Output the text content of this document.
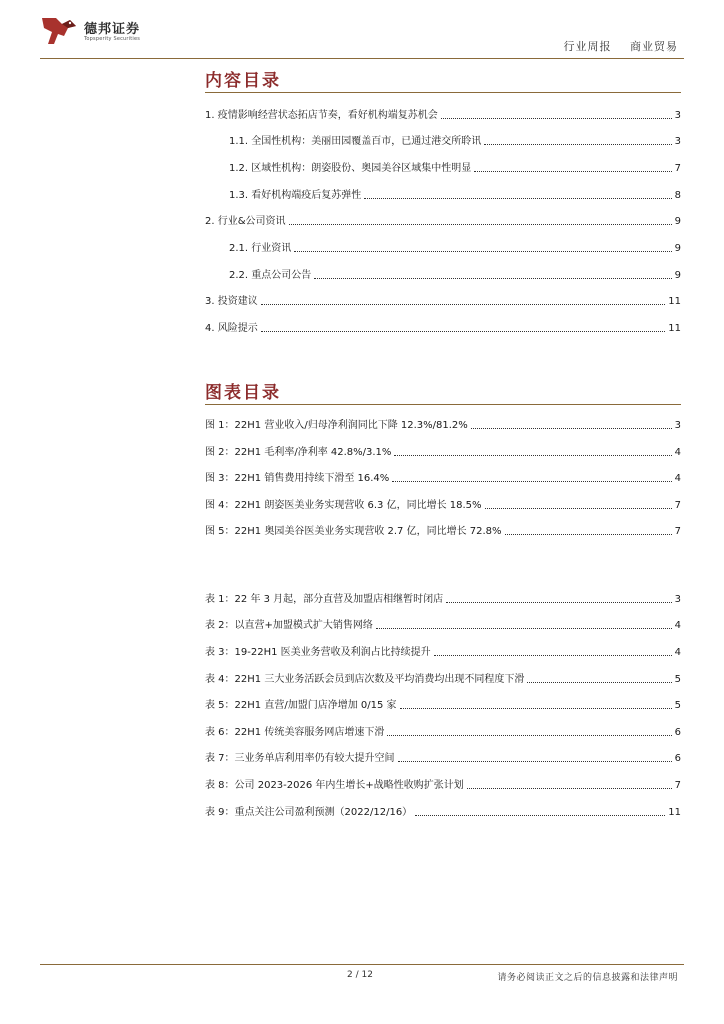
德邦证券
Topsperity Securities
行业周报 商业贸易
内容目录
1. 疫情影响经营状态拓店节奏，看好机构端复苏机会	3
1.1. 全国性机构：美丽田园覆盖百市，已通过港交所聆讯	3
1.2. 区域性机构：朗姿股份、奥园美谷区域集中性明显	7
1.3. 看好机构端疫后复苏弹性	8
2. 行业&公司资讯	9
2.1. 行业资讯	9
2.2. 重点公司公告	9
3. 投资建议	11
4. 风险提示	11
图表目录
图 1：22H1 营业收入/归母净利润同比下降 12.3%/81.2%	3
图 2：22H1 毛利率/净利率 42.8%/3.1%	4
图 3：22H1 销售费用持续下滑至 16.4%	4
图 4：22H1 朗姿医美业务实现营收 6.3 亿，同比增长 18.5%	7
图 5：22H1 奥园美谷医美业务实现营收 2.7 亿，同比增长 72.8%	7
表 1：22 年 3 月起，部分直营及加盟店相继暂时闭店	3
表 2：以直营+加盟模式扩大销售网络	4
表 3：19-22H1 医美业务营收及利润占比持续提升	4
表 4：22H1 三大业务活跃会员到店次数及平均消费均出现不同程度下滑	5
表 5：22H1 直营/加盟门店净增加 0/15 家	5
表 6：22H1 传统美容服务网店增速下滑	6
表 7：三业务单店利用率仍有较大提升空间	6
表 8：公司 2023-2026 年内生增长+战略性收购扩张计划	7
表 9：重点关注公司盈利预测（2022/12/16）	11
2 / 12	请务必阅读正文之后的信息披露和法律声明
